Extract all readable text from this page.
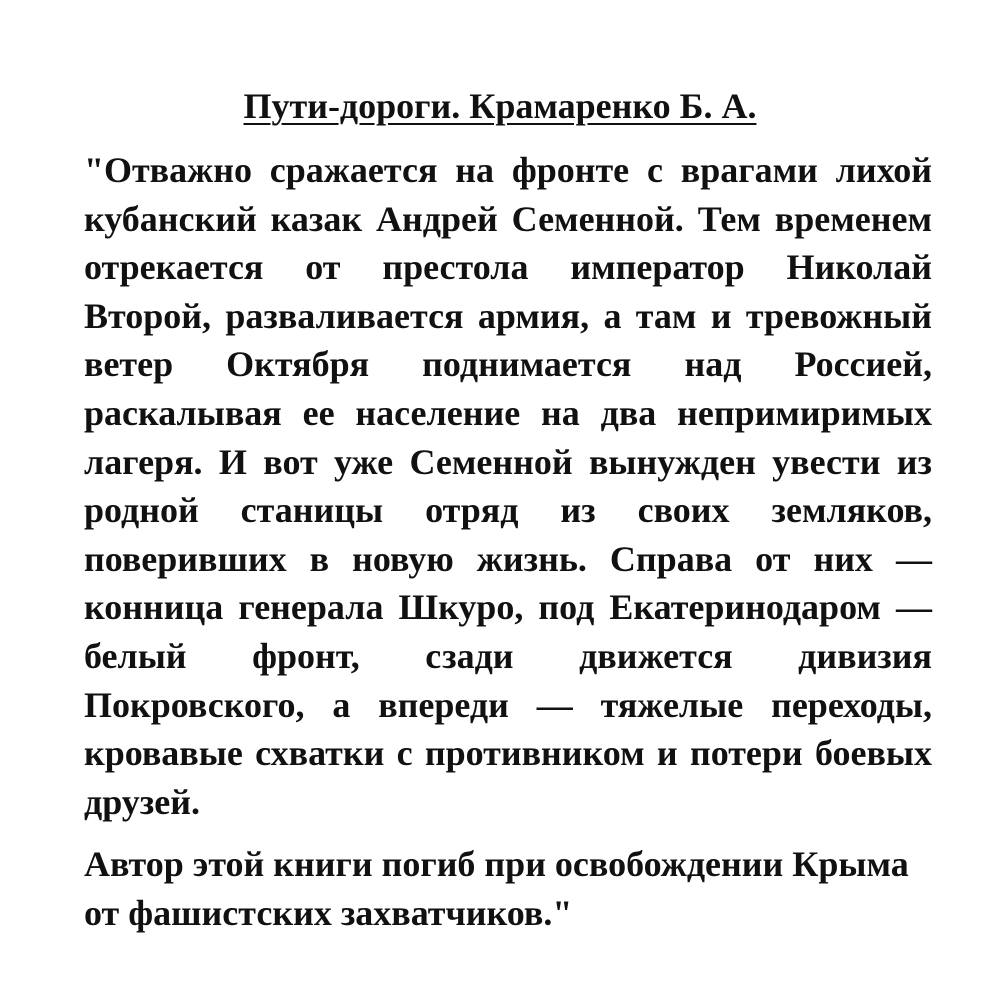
Пути-дороги. Крамаренко Б. А.

"Отважно сражается на фронте с врагами лихой кубанский казак Андрей Семенной. Тем временем отрекается от престола император Николай Второй, разваливается армия, а там и тревожный ветер Октября поднимается над Россией, раскалывая ее население на два непримиримых лагеря. И вот уже Семенной вынужден увести из родной станицы отряд из своих земляков, поверивших в новую жизнь. Справа от них — конница генерала Шкуро, под Екатеринодаром — белый фронт, сзади движется дивизия Покровского, а впереди — тяжелые переходы, кровавые схватки с противником и потери боевых друзей.

Автор этой книги погиб при освобождении Крыма от фашистских захватчиков."
